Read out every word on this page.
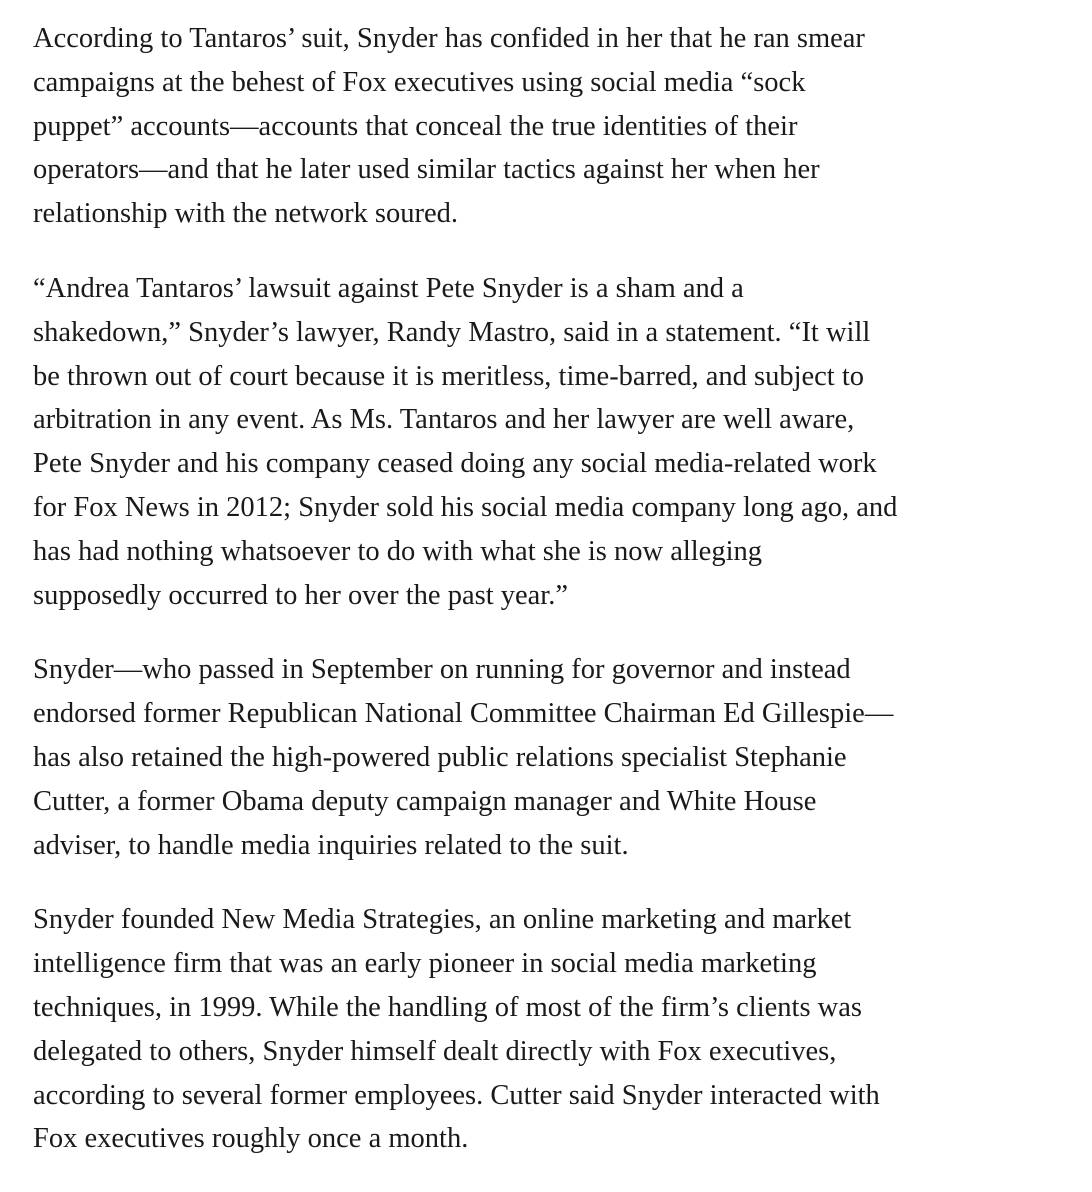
According to Tantaros’ suit, Snyder has confided in her that he ran smear
campaigns at the behest of Fox executives using social media “sock
puppet” accounts—accounts that conceal the true identities of their
operators—and that he later used similar tactics against her when her
relationship with the network soured.

“Andrea Tantaros’ lawsuit against Pete Snyder is a sham and a
shakedown,” Snyder’s lawyer, Randy Mastro, said in a statement. “It will
be thrown out of court because it is meritless, time-barred, and subject to
arbitration in any event. As Ms. Tantaros and her lawyer are well aware,
Pete Snyder and his company ceased doing any social media-related work
for Fox News in 2012; Snyder sold his social media company long ago, and
has had nothing whatsoever to do with what she is now alleging
supposedly occurred to her over the past year.”

Snyder—who passed in September on running for governor and instead
endorsed former Republican National Committee Chairman Ed Gillespie—
has also retained the high-powered public relations specialist Stephanie
Cutter, a former Obama deputy campaign manager and White House
adviser, to handle media inquiries related to the suit.

Snyder founded New Media Strategies, an online marketing and market
intelligence firm that was an early pioneer in social media marketing
techniques, in 1999. While the handling of most of the firm’s clients was
delegated to others, Snyder himself dealt directly with Fox executives,
according to several former employees. Cutter said Snyder interacted with
Fox executives roughly once a month.
